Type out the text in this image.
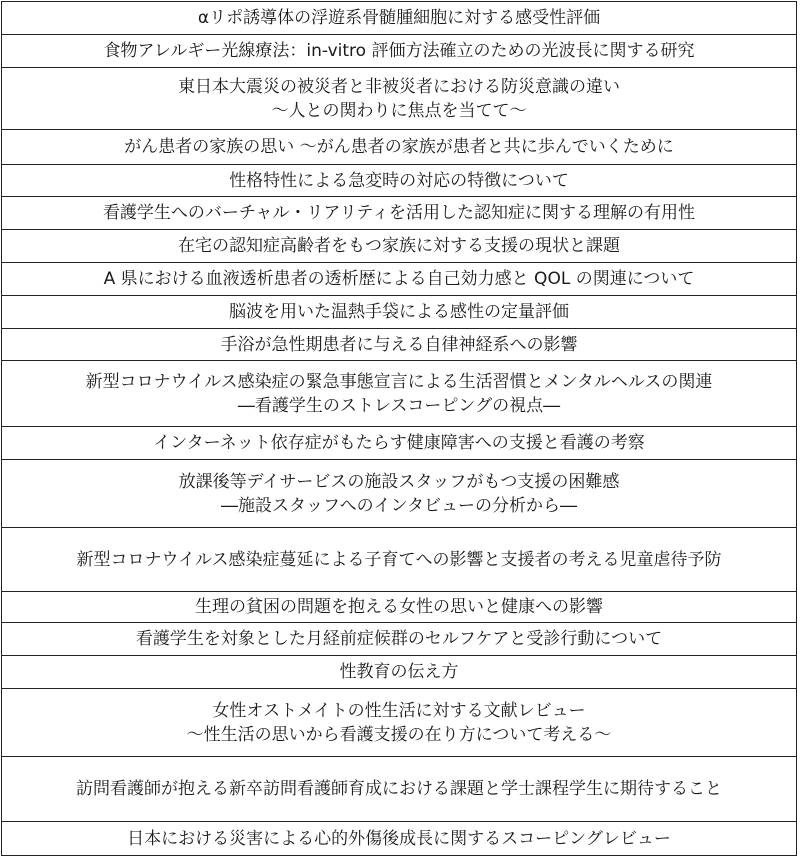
αリポ誘導体の浮遊系骨髄腫細胞に対する感受性評価

食物アレルギー光線療法：in-vitro 評価方法確立のための光波長に関する研究

東日本大震災の被災者と非被災者における防災意識の違い
～人との関わりに焦点を当てて～

がん患者の家族の思い ～がん患者の家族が患者と共に歩んでいくために

性格特性による急変時の対応の特徴について

看護学生へのバーチャル・リアリティを活用した認知症に関する理解の有用性

在宅の認知症高齢者をもつ家族に対する支援の現状と課題

A 県における血液透析患者の透析歴による自己効力感と QOL の関連について

脳波を用いた温熱手袋による感性の定量評価

手浴が急性期患者に与える自律神経系への影響

新型コロナウイルス感染症の緊急事態宣言による生活習慣とメンタルヘルスの関連
―看護学生のストレスコーピングの視点―

インターネット依存症がもたらす健康障害への支援と看護の考察

放課後等デイサービスの施設スタッフがもつ支援の困難感
―施設スタッフへのインタビューの分析から―

新型コロナウイルス感染症蔓延による子育てへの影響と支援者の考える児童虐待予防

生理の貧困の問題を抱える女性の思いと健康への影響

看護学生を対象とした月経前症候群のセルフケアと受診行動について

性教育の伝え方

女性オストメイトの性生活に対する文献レビュー
～性生活の思いから看護支援の在り方について考える～

訪問看護師が抱える新卒訪問看護師育成における課題と学士課程学生に期待すること

日本における災害による心的外傷後成長に関するスコーピングレビュー
